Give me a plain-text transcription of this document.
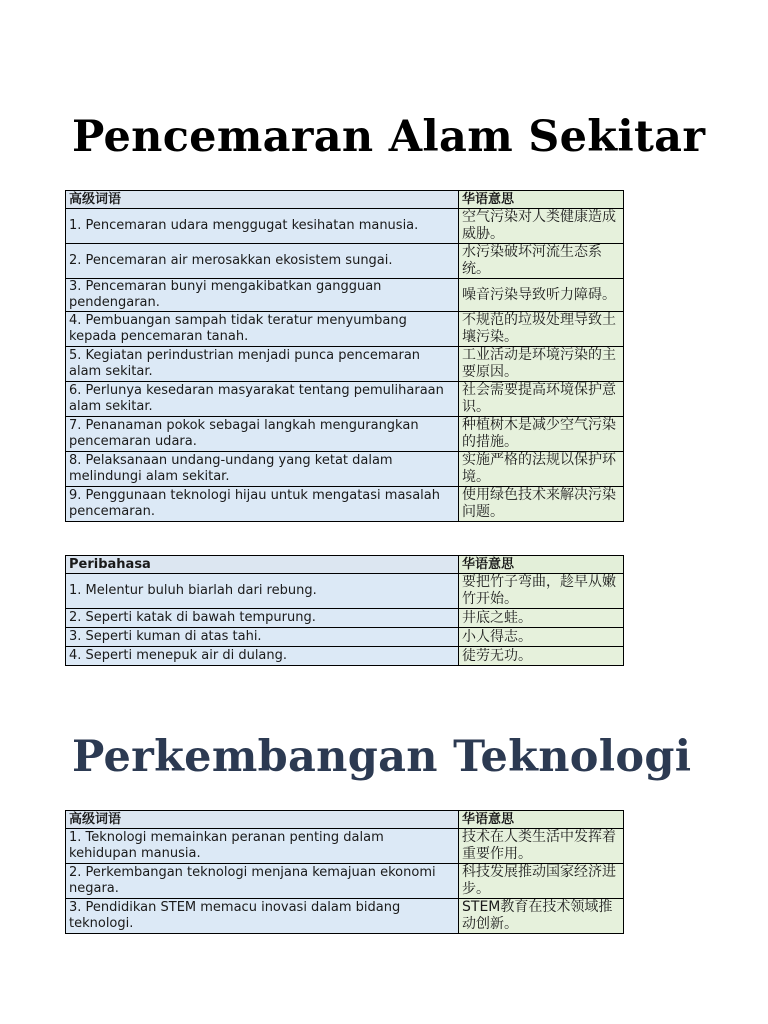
Pencemaran Alam Sekitar
高级词语	华语意思
1. Pencemaran udara menggugat kesihatan manusia.	空气污染对人类健康造成威胁。
2. Pencemaran air merosakkan ekosistem sungai.	水污染破坏河流生态系统。
3. Pencemaran bunyi mengakibatkan gangguan pendengaran.	噪音污染导致听力障碍。
4. Pembuangan sampah tidak teratur menyumbang kepada pencemaran tanah.	不规范的垃圾处理导致土壤污染。
5. Kegiatan perindustrian menjadi punca pencemaran alam sekitar.	工业活动是环境污染的主要原因。
6. Perlunya kesedaran masyarakat tentang pemuliharaan alam sekitar.	社会需要提高环境保护意识。
7. Penanaman pokok sebagai langkah mengurangkan pencemaran udara.	种植树木是减少空气污染的措施。
8. Pelaksanaan undang-undang yang ketat dalam melindungi alam sekitar.	实施严格的法规以保护环境。
9. Penggunaan teknologi hijau untuk mengatasi masalah pencemaran.	使用绿色技术来解决污染问题。
Peribahasa	华语意思
1. Melentur buluh biarlah dari rebung.	要把竹子弯曲，趁早从嫩竹开始。
2. Seperti katak di bawah tempurung.	井底之蛙。
3. Seperti kuman di atas tahi.	小人得志。
4. Seperti menepuk air di dulang.	徒劳无功。
Perkembangan Teknologi
高级词语	华语意思
1. Teknologi memainkan peranan penting dalam kehidupan manusia.	技术在人类生活中发挥着重要作用。
2. Perkembangan teknologi menjana kemajuan ekonomi negara.	科技发展推动国家经济进步。
3. Pendidikan STEM memacu inovasi dalam bidang teknologi.	STEM教育在技术领域推动创新。
